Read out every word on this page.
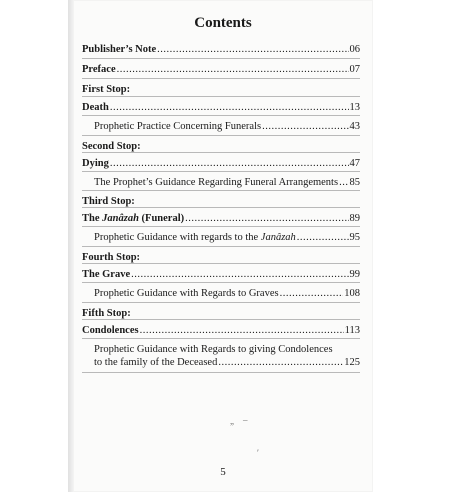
Contents
Publisher’s Note .....	06
Preface .....	07
First Stop:
Death .....	13
Prophetic Practice Concerning Funerals .....	43
Second Stop:
Dying .....	47
The Prophet’s Guidance Regarding Funeral Arrangements ..... 85
Third Stop:
The Janâzah (Funeral) .....	89
Prophetic Guidance with regards to the Janâzah .....	95
Fourth Stop:
The Grave .....	99
Prophetic Guidance with Regards to Graves .....	108
Fifth Stop:
Condolences .....	113
Prophetic Guidance with Regards to giving Condolences
to the family of the Deceased .....	125
„ –
′
5
